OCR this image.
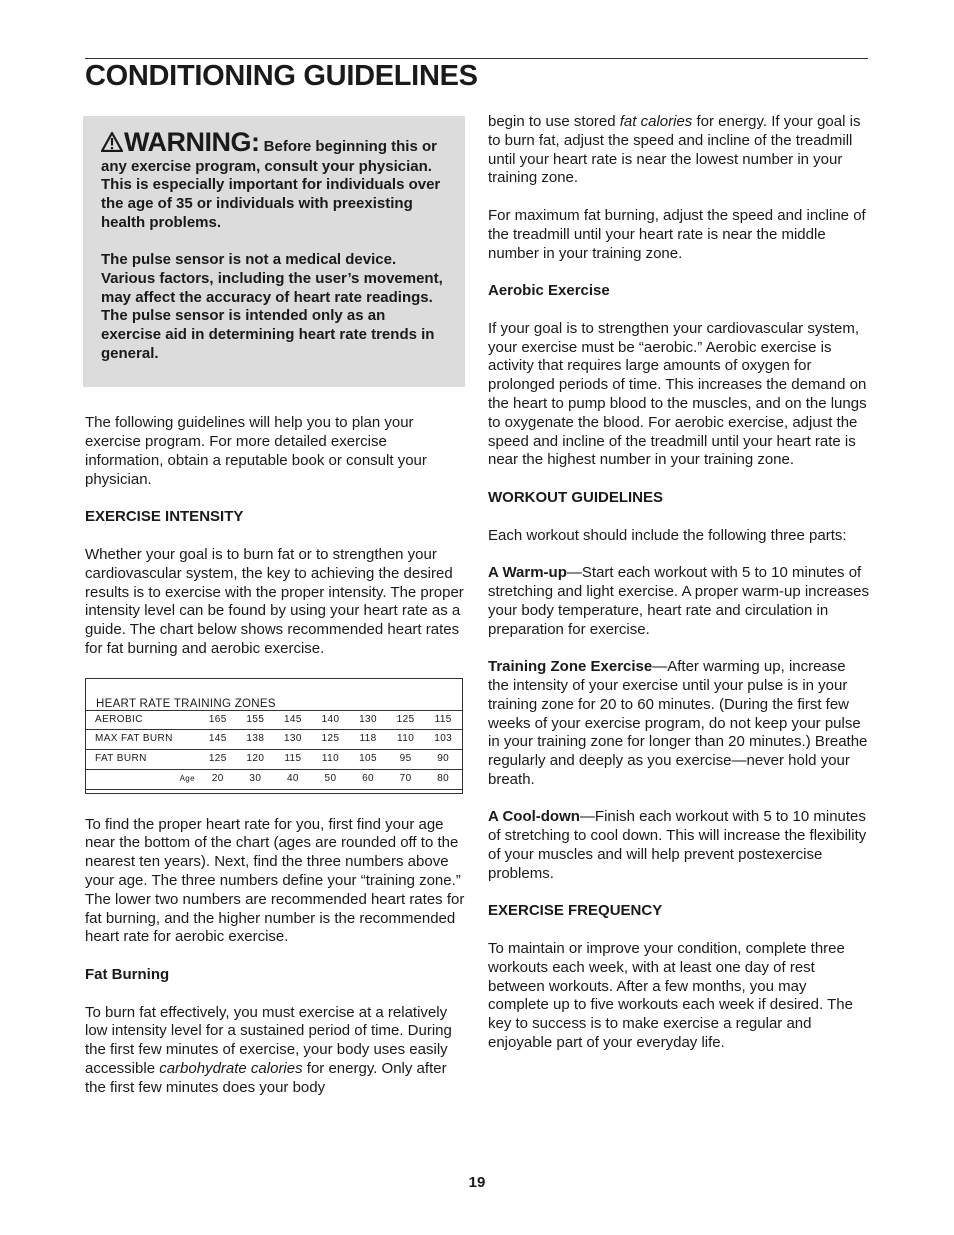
CONDITIONING GUIDELINES

WARNING: Before beginning this or any exercise program, consult your physician. This is especially important for individuals over the age of 35 or individuals with preexisting health problems.

The pulse sensor is not a medical device. Various factors, including the user’s movement, may affect the accuracy of heart rate readings. The pulse sensor is intended only as an exercise aid in determining heart rate trends in general.

The following guidelines will help you to plan your exercise program. For more detailed exercise information, obtain a reputable book or consult your physician.

EXERCISE INTENSITY

Whether your goal is to burn fat or to strengthen your cardiovascular system, the key to achieving the desired results is to exercise with the proper intensity. The proper intensity level can be found by using your heart rate as a guide. The chart below shows recommended heart rates for fat burning and aerobic exercise.

HEART RATE TRAINING ZONES
AEROBIC	165	155	145	140	130	125	115
MAX FAT BURN	145	138	130	125	118	110	103
FAT BURN	125	120	115	110	105	95	90
Age	20	30	40	50	60	70	80

To find the proper heart rate for you, first find your age near the bottom of the chart (ages are rounded off to the nearest ten years). Next, find the three numbers above your age. The three numbers define your “training zone.” The lower two numbers are recommended heart rates for fat burning, and the higher number is the recommended heart rate for aerobic exercise.

Fat Burning

To burn fat effectively, you must exercise at a relatively low intensity level for a sustained period of time. During the first few minutes of exercise, your body uses easily accessible carbohydrate calories for energy. Only after the first few minutes does your body

begin to use stored fat calories for energy. If your goal is to burn fat, adjust the speed and incline of the treadmill until your heart rate is near the lowest number in your training zone.

For maximum fat burning, adjust the speed and incline of the treadmill until your heart rate is near the middle number in your training zone.

Aerobic Exercise

If your goal is to strengthen your cardiovascular system, your exercise must be “aerobic.” Aerobic exercise is activity that requires large amounts of oxygen for prolonged periods of time. This increases the demand on the heart to pump blood to the muscles, and on the lungs to oxygenate the blood. For aerobic exercise, adjust the speed and incline of the treadmill until your heart rate is near the highest number in your training zone.

WORKOUT GUIDELINES

Each workout should include the following three parts:

A Warm-up—Start each workout with 5 to 10 minutes of stretching and light exercise. A proper warm-up increases your body temperature, heart rate and circulation in preparation for exercise.

Training Zone Exercise—After warming up, increase the intensity of your exercise until your pulse is in your training zone for 20 to 60 minutes. (During the first few weeks of your exercise program, do not keep your pulse in your training zone for longer than 20 minutes.) Breathe regularly and deeply as you exercise—never hold your breath.

A Cool-down—Finish each workout with 5 to 10 minutes of stretching to cool down. This will increase the flexibility of your muscles and will help prevent postexercise problems.

EXERCISE FREQUENCY

To maintain or improve your condition, complete three workouts each week, with at least one day of rest between workouts. After a few months, you may complete up to five workouts each week if desired. The key to success is to make exercise a regular and enjoyable part of your everyday life.

19
